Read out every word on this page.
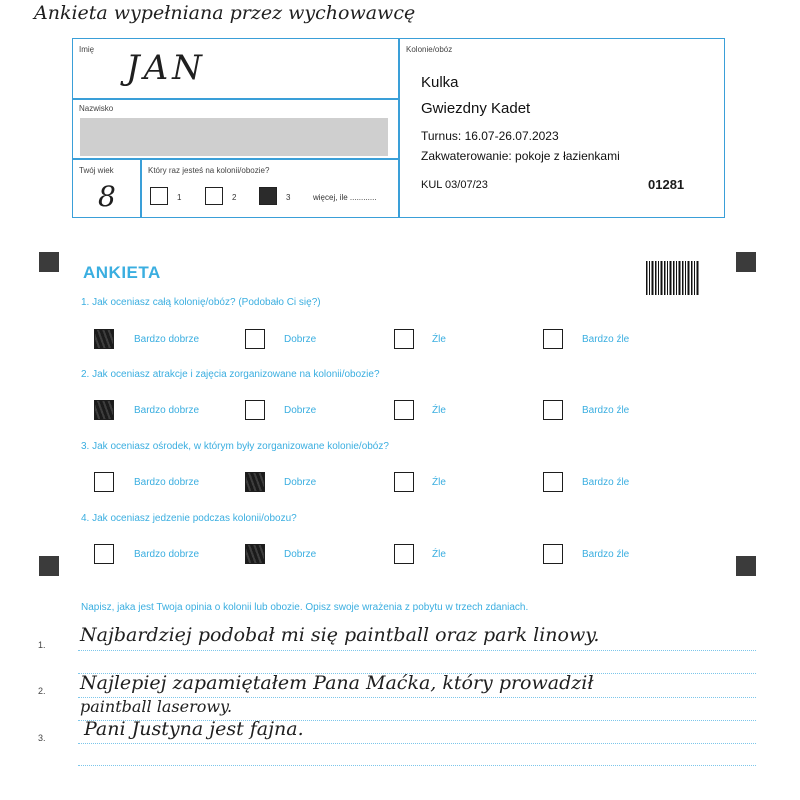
Ankieta wypełniana przez wychowawcę
Imię JAN
Nazwisko
Twój wiek
8
Który raz jesteś na kolonii/obozie?
1	2	3	więcej, ile ............
Kolonie/obóz
Kulka
Gwiezdny Kadet
Turnus: 16.07-26.07.2023
Zakwaterowanie: pokoje z łazienkami
KUL 03/07/23	01281
ANKIETA
1. Jak oceniasz całą kolonię/obóz? (Podobało Ci się?)
Bardzo dobrze	Dobrze	Źle	Bardzo źle
2. Jak oceniasz atrakcje i zajęcia zorganizowane na kolonii/obozie?
Bardzo dobrze	Dobrze	Źle	Bardzo źle
3. Jak oceniasz ośrodek, w którym były zorganizowane kolonie/obóz?
Bardzo dobrze	Dobrze	Źle	Bardzo źle
4. Jak oceniasz jedzenie podczas kolonii/obozu?
Bardzo dobrze	Dobrze	Źle	Bardzo źle
Napisz, jaka jest Twoja opinia o kolonii lub obozie. Opisz swoje wrażenia z pobytu w trzech zdaniach.
1.
2.
3.
Najbardziej podobał mi się paintball oraz park linowy.
Najlepiej zapamiętałem Pana Maćka, który prowadził
paintball laserowy.
Pani Justyna jest fajna.
